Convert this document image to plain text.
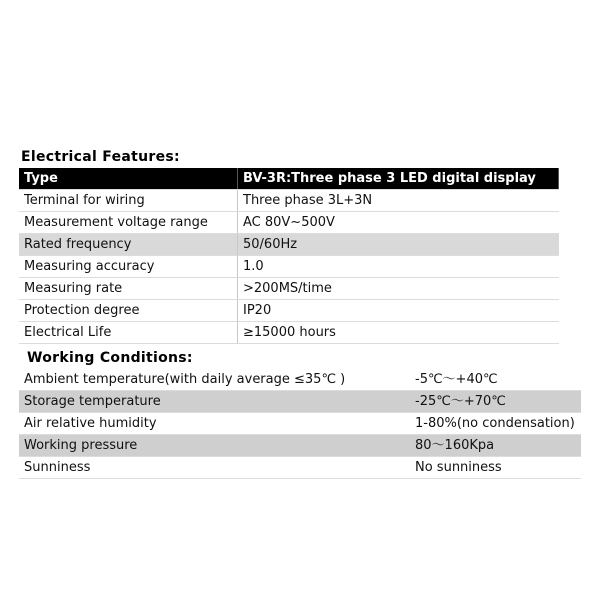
Electrical Features:
Type	BV-3R:Three phase 3 LED digital display
Terminal for wiring	Three phase 3L+3N
Measurement voltage range	AC 80V~500V
Rated frequency	50/60Hz
Measuring accuracy	1.0
Measuring rate	>200MS/time
Protection degree	IP20
Electrical Life	≥15000 hours
Working Conditions:
Ambient temperature(with daily average ≤35℃ )	-5℃～+40℃
Storage temperature	-25℃～+70℃
Air relative humidity	1-80%(no condensation)
Working pressure	80～160Kpa
Sunniness	No sunniness
